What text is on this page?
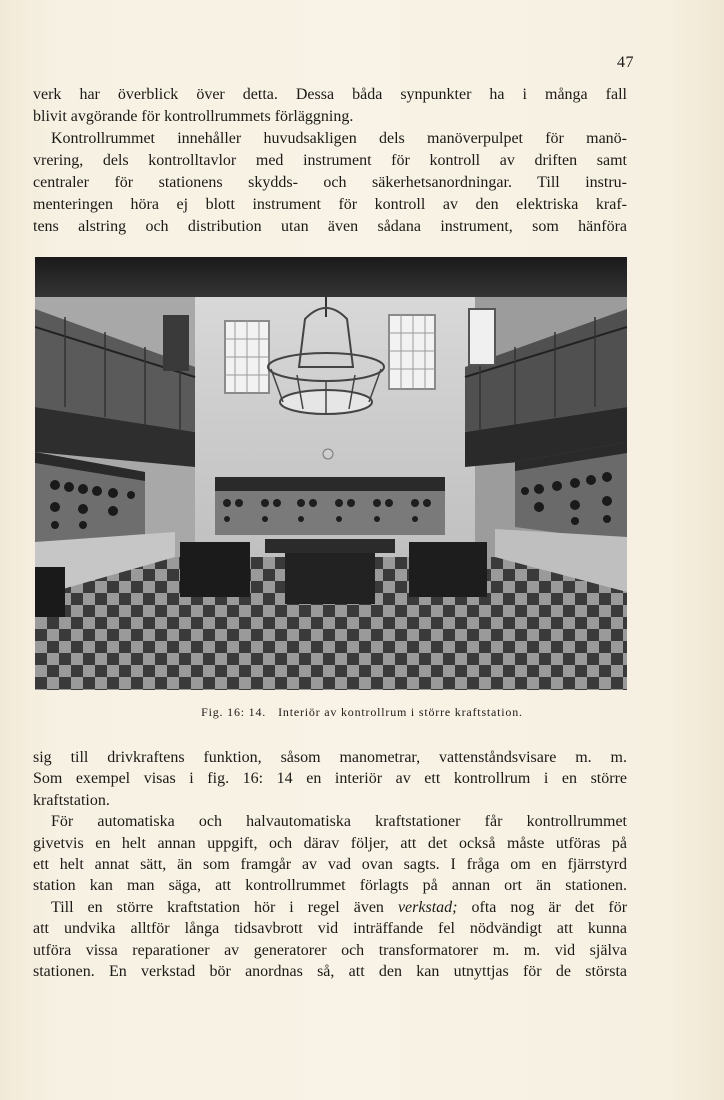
47
verk har överblick över detta. Dessa båda synpunkter ha i många fall
blivit avgörande för kontrollrummets förläggning.
Kontrollrummet innehåller huvudsakligen dels manöverpulpet för manö-
vrering, dels kontrolltavlor med instrument för kontroll av driften samt
centraler för stationens skydds- och säkerhetsanordningar. Till instru-
menteringen höra ej blott instrument för kontroll av den elektriska kraf-
tens alstring och distribution utan även sådana instrument, som hänföra
Fig. 16: 14. Interiör av kontrollrum i större kraftstation.
sig till drivkraftens funktion, såsom manometrar, vattenståndsvisare m. m.
Som exempel visas i fig. 16: 14 en interiör av ett kontrollrum i en större
kraftstation.
För automatiska och halvautomatiska kraftstationer får kontrollrummet
givetvis en helt annan uppgift, och därav följer, att det också måste utföras på
ett helt annat sätt, än som framgår av vad ovan sagts. I fråga om en fjärrstyrd
station kan man säga, att kontrollrummet förlagts på annan ort än stationen.
Till en större kraftstation hör i regel även verkstad; ofta nog är det för
att undvika alltför långa tidsavbrott vid inträffande fel nödvändigt att kunna
utföra vissa reparationer av generatorer och transformatorer m. m. vid själva
stationen. En verkstad bör anordnas så, att den kan utnyttjas för de största
